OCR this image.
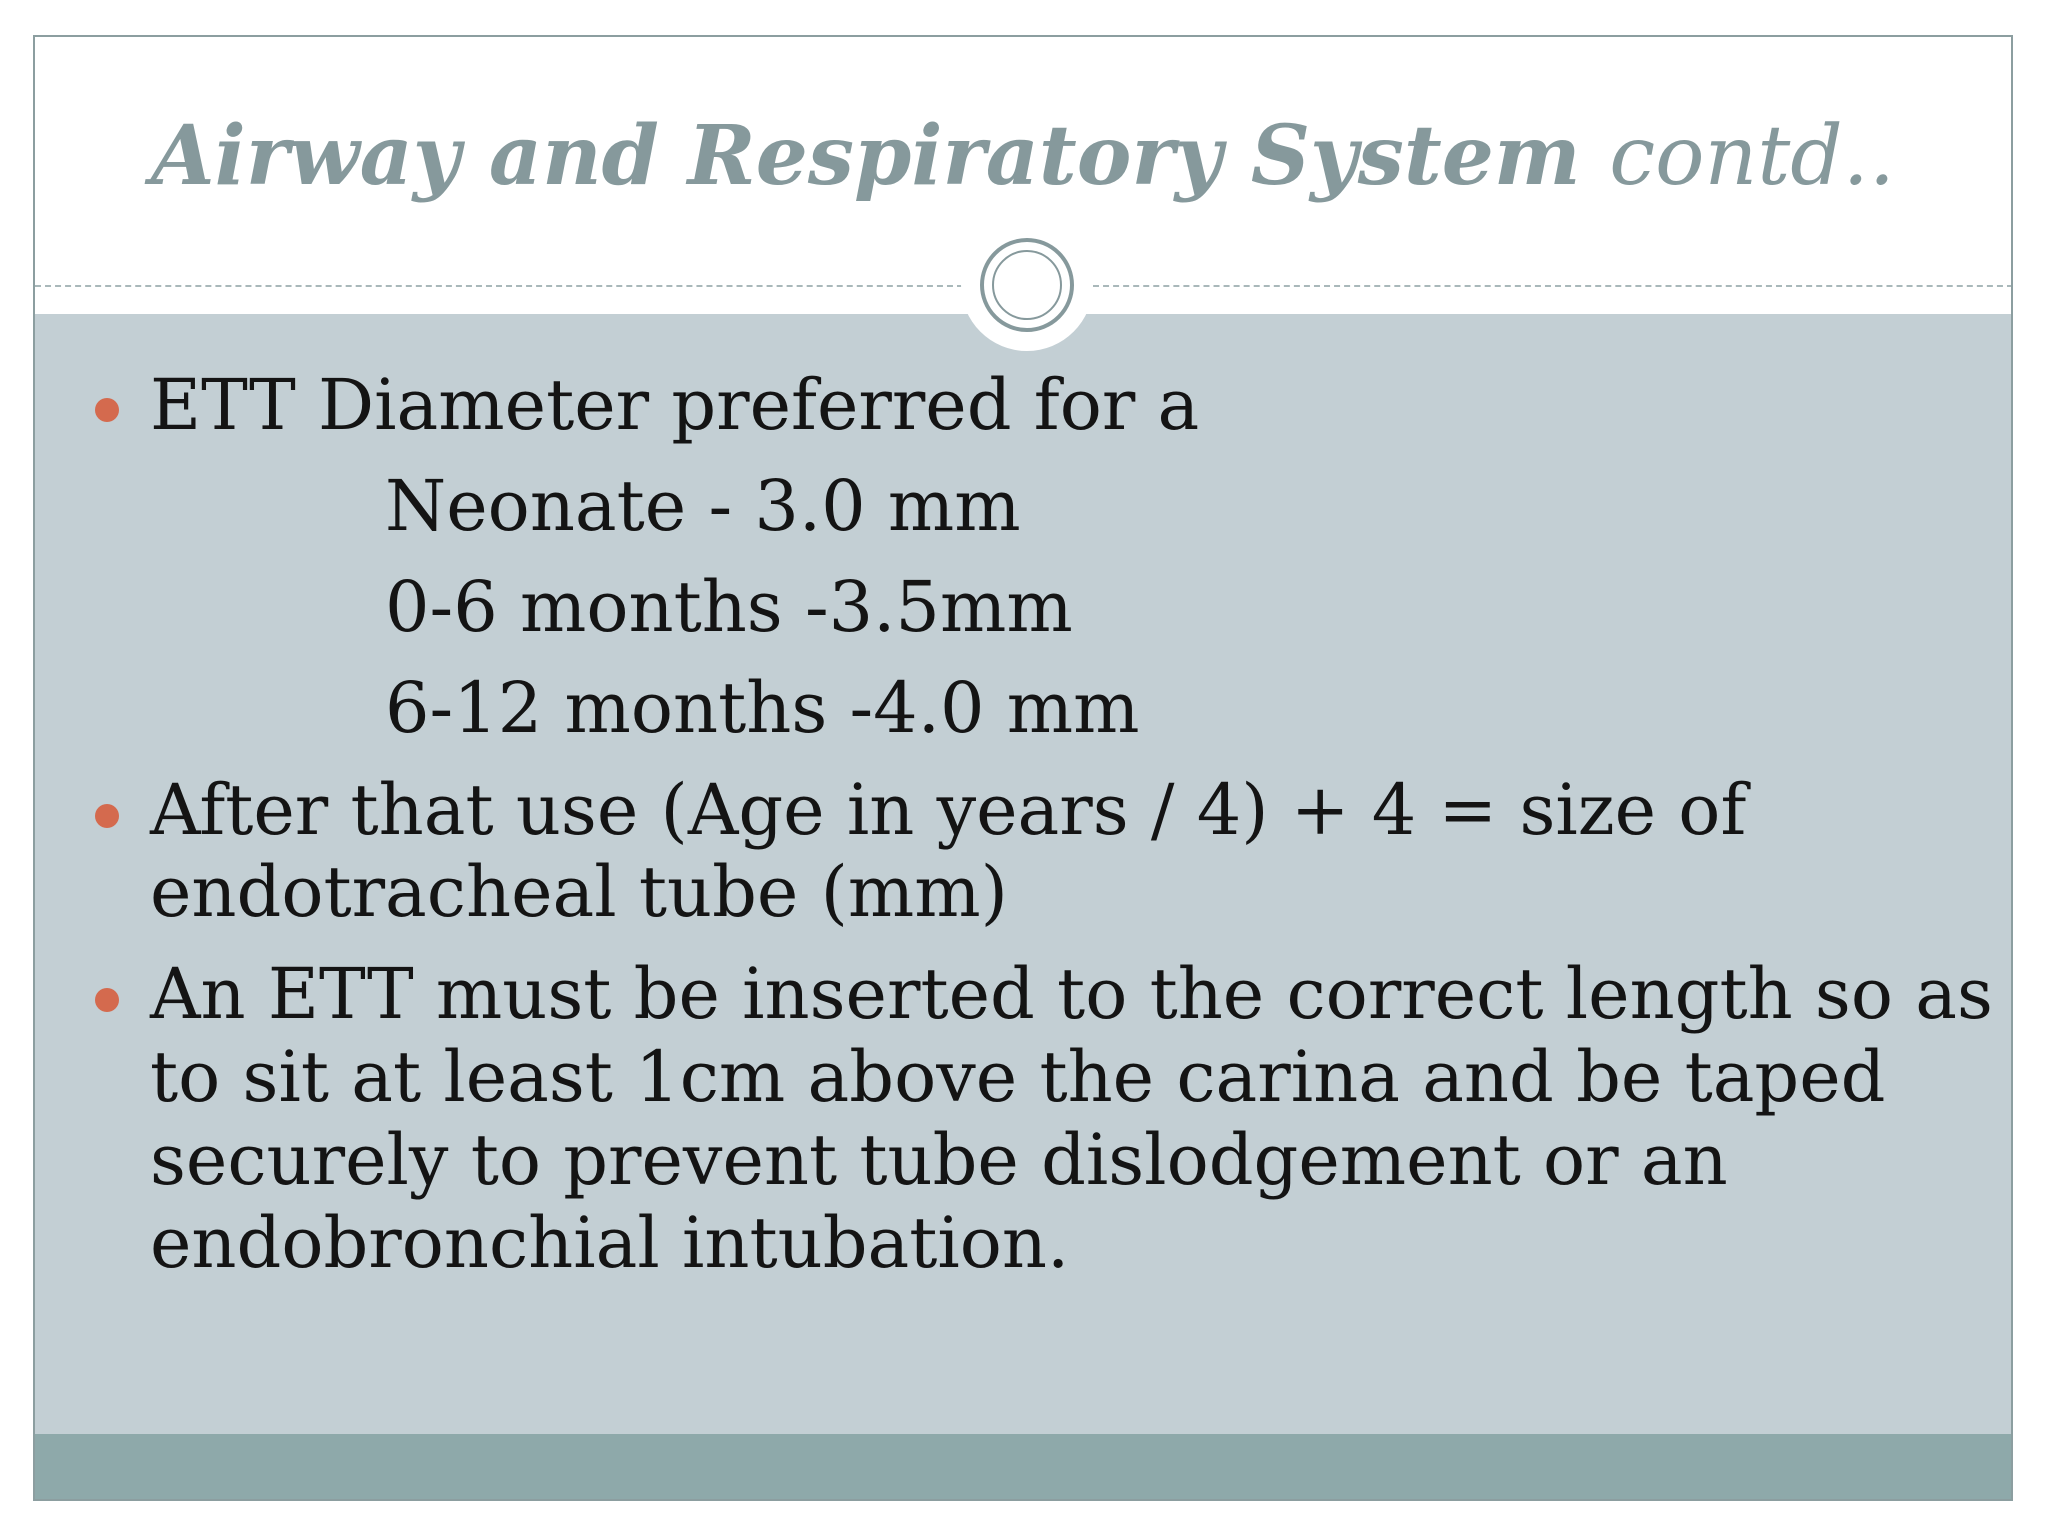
Airway and Respiratory System contd..
ETT Diameter preferred for a
Neonate - 3.0 mm
0-6 months -3.5mm
6-12 months -4.0 mm
After that use (Age in years / 4) + 4 = size of
endotracheal tube (mm)
An ETT must be inserted to the correct length so as
to sit at least 1cm above the carina and be taped
securely to prevent tube dislodgement or an
endobronchial intubation.
